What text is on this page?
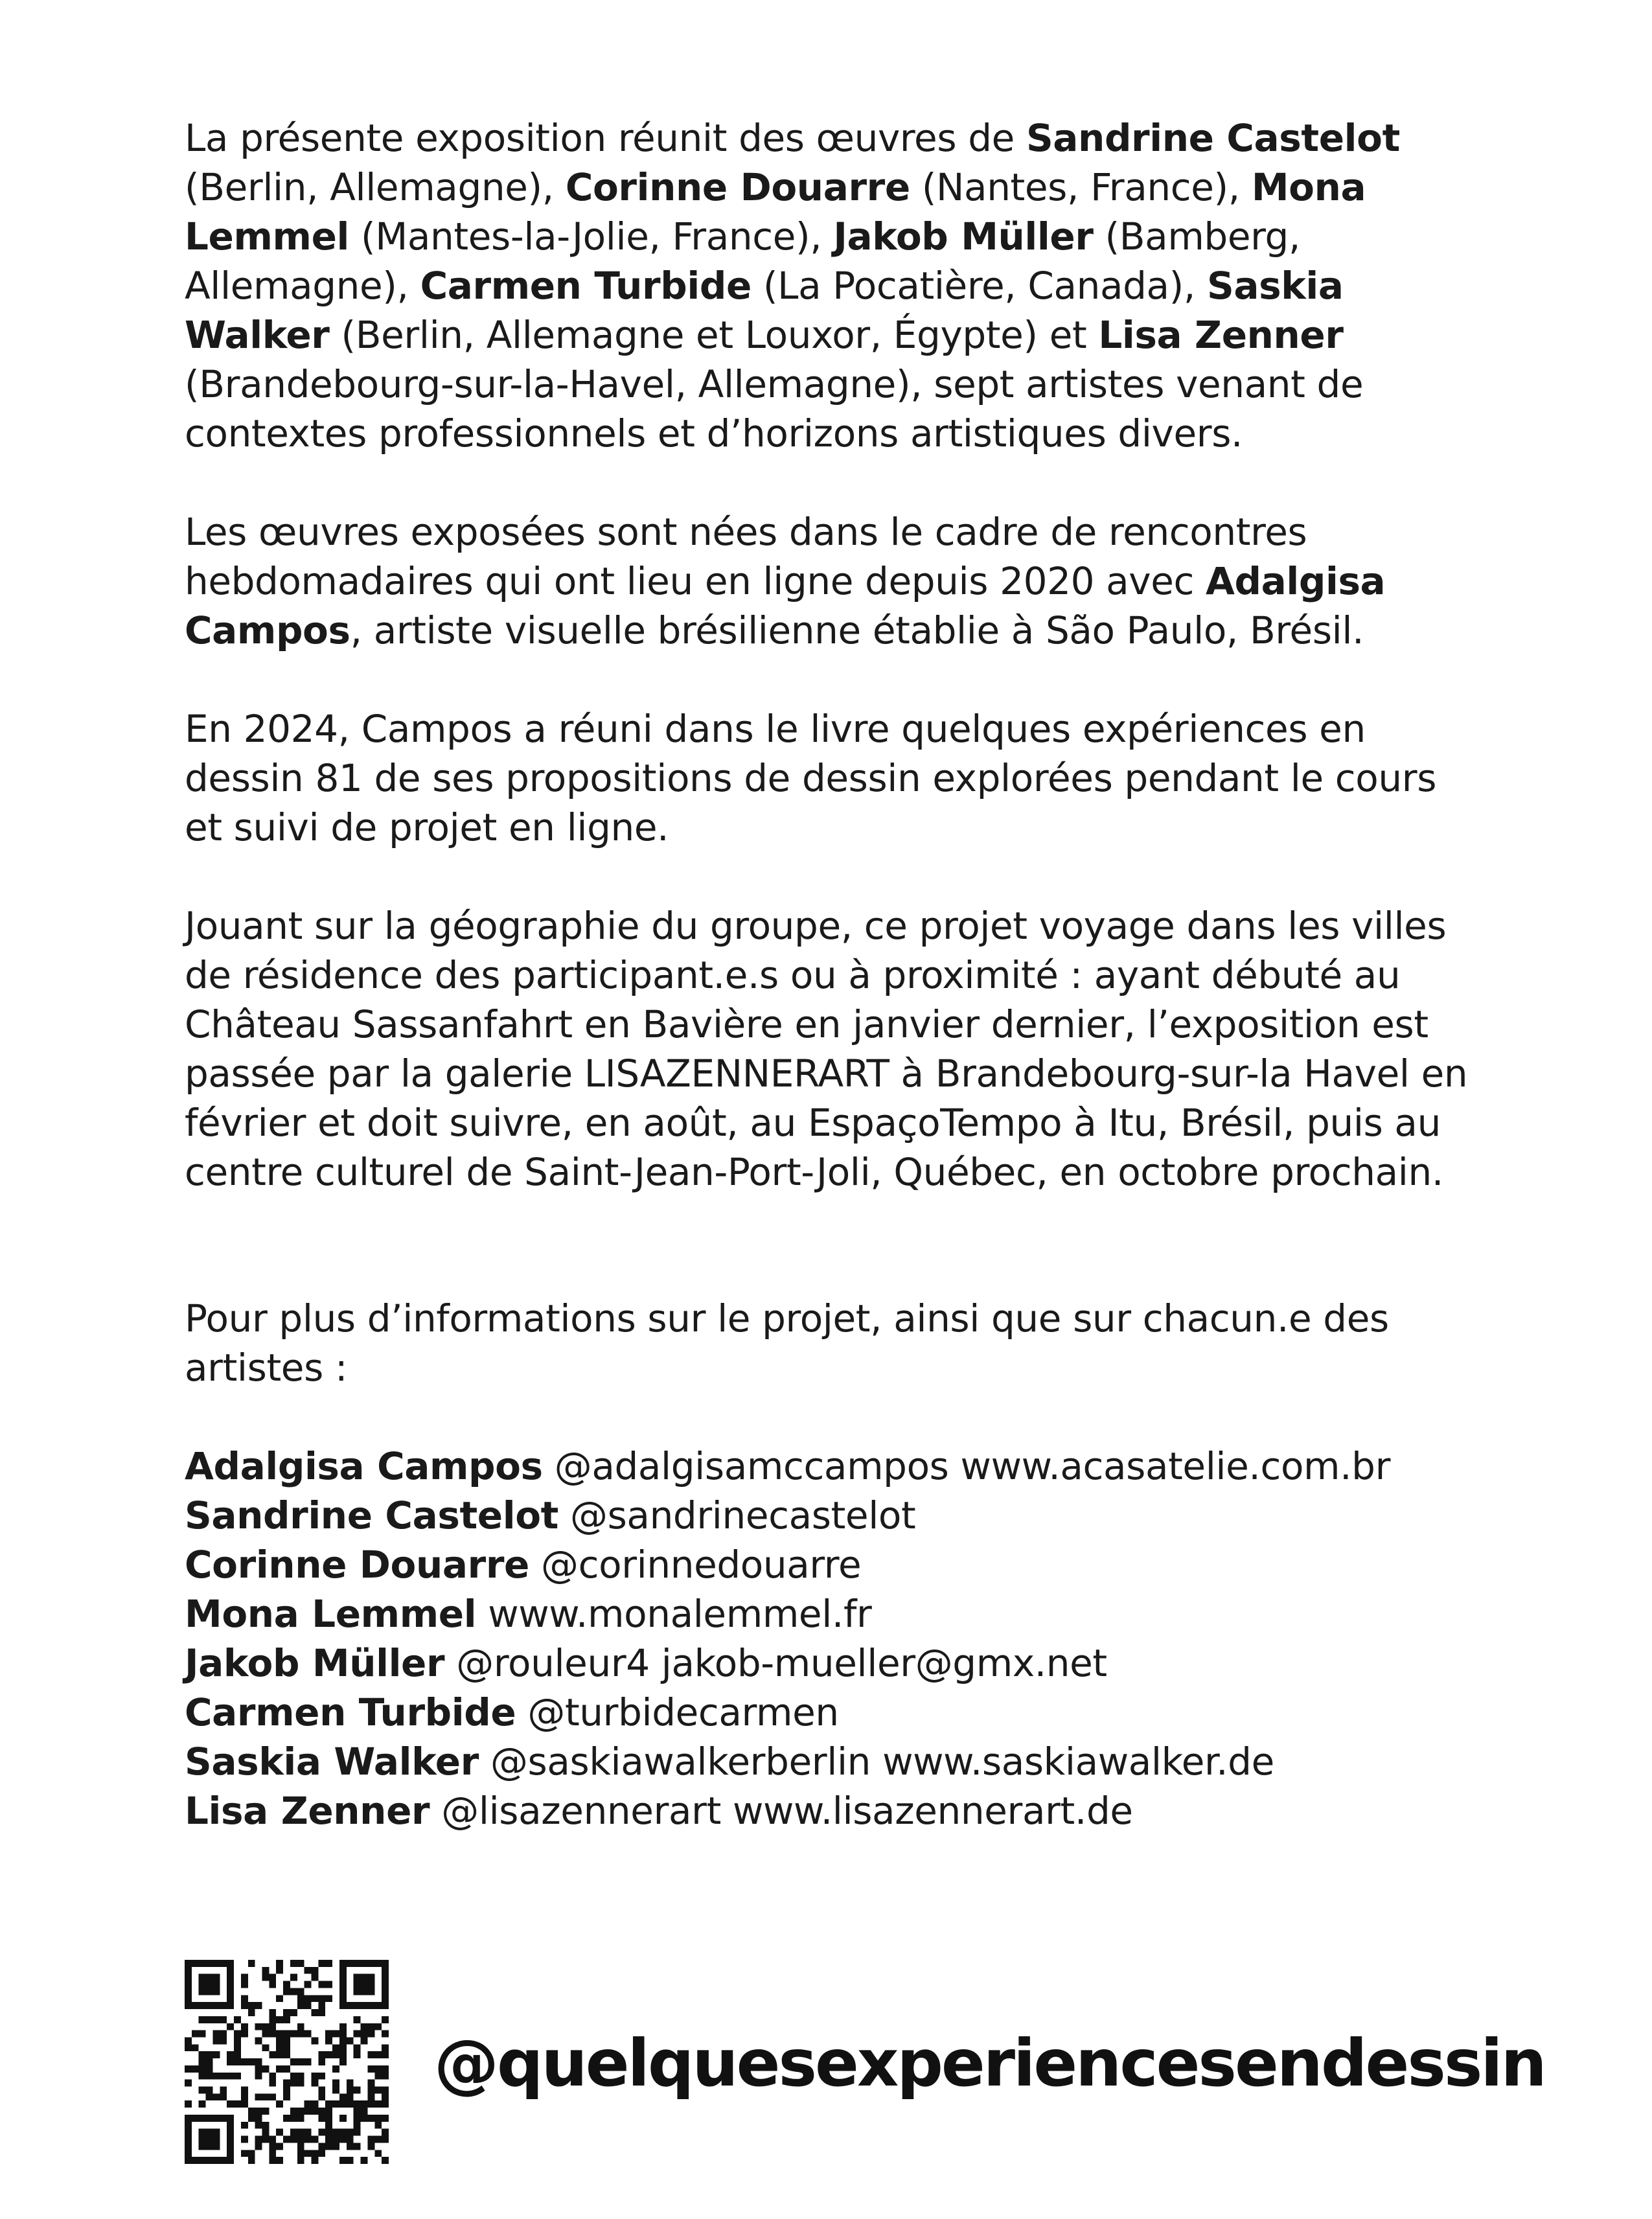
La présente exposition réunit des œuvres de Sandrine Castelot (Berlin, Allemagne), Corinne Douarre (Nantes, France), Mona Lemmel (Mantes-la-Jolie, France), Jakob Müller (Bamberg, Allemagne), Carmen Turbide (La Pocatière, Canada), Saskia Walker (Berlin, Allemagne et Louxor, Égypte) et Lisa Zenner (Brandebourg-sur-la-Havel, Allemagne), sept artistes venant de contextes professionnels et d’horizons artistiques divers.

Les œuvres exposées sont nées dans le cadre de rencontres hebdomadaires qui ont lieu en ligne depuis 2020 avec Adalgisa Campos, artiste visuelle brésilienne établie à São Paulo, Brésil.

En 2024, Campos a réuni dans le livre quelques expériences en dessin 81 de ses propositions de dessin explorées pendant le cours et suivi de projet en ligne.

Jouant sur la géographie du groupe, ce projet voyage dans les villes de résidence des participant.e.s ou à proximité : ayant débuté au Château Sassanfahrt en Bavière en janvier dernier, l’exposition est passée par la galerie LISAZENNERART à Brandebourg-sur-la Havel en février et doit suivre, en août, au EspaçoTempo à Itu, Brésil, puis au centre culturel de Saint-Jean-Port-Joli, Québec, en octobre prochain.

Pour plus d’informations sur le projet, ainsi que sur chacun.e des artistes :

Adalgisa Campos @adalgisamccampos www.acasatelie.com.br
Sandrine Castelot @sandrinecastelot
Corinne Douarre @corinnedouarre
Mona Lemmel www.monalemmel.fr
Jakob Müller @rouleur4 jakob-mueller@gmx.net
Carmen Turbide @turbidecarmen
Saskia Walker @saskiawalkerberlin www.saskiawalker.de
Lisa Zenner @lisazennerart www.lisazennerart.de
@quelquesexperiencesendessin
